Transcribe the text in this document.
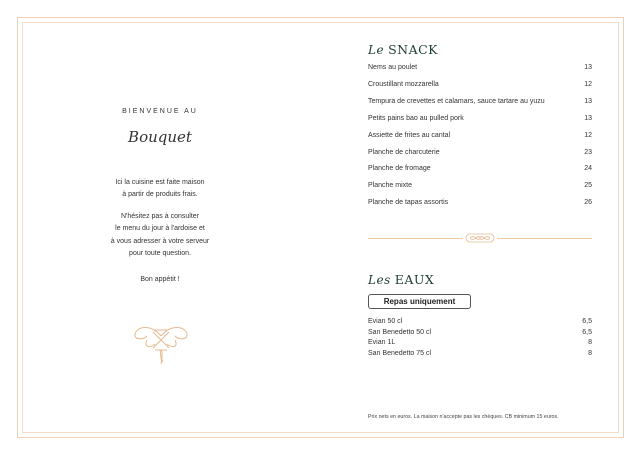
BIENVENUE AU
Bouquet
Ici la cuisine est faite maison
à partir de produits frais.
N'hésitez pas à consulter
le menu du jour à l'ardoise et
à vous adresser à votre serveur
pour toute question.
Bon appétit !
Le SNACK
Nems au poulet	13
Croustillant mozzarella	12
Tempura de crevettes et calamars, sauce tartare au yuzu	13
Petits pains bao au pulled pork	13
Assiette de frites au cantal	12
Planche de charcuterie	23
Planche de fromage	24
Planche mixte	25
Planche de tapas assortis	26
Les EAUX
Repas uniquement
Evian 50 cl	6,5
San Benedetto 50 cl	6,5
Evian 1L	8
San Benedetto 75 cl	8
Prix nets en euros. La maison n'accepte pas les chèques. CB minimum 15 euros.
